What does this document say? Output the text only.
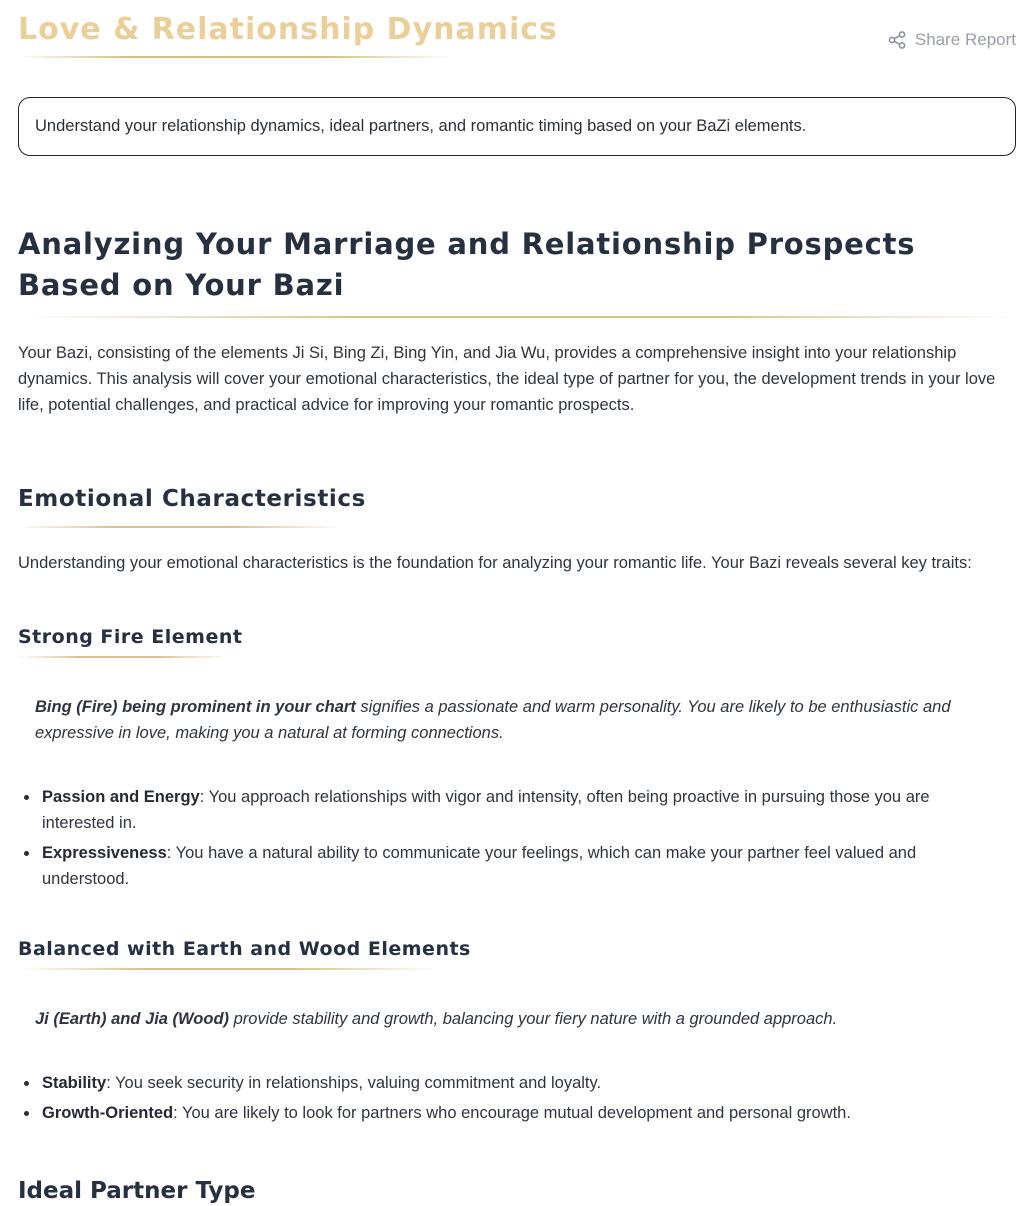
Love & Relationship Dynamics	Share Report
Understand your relationship dynamics, ideal partners, and romantic timing based on your BaZi elements.
Analyzing Your Marriage and Relationship Prospects Based on Your Bazi

Your Bazi, consisting of the elements Ji Si, Bing Zi, Bing Yin, and Jia Wu, provides a comprehensive insight into your relationship dynamics. This analysis will cover your emotional characteristics, the ideal type of partner for you, the development trends in your love life, potential challenges, and practical advice for improving your romantic prospects.

Emotional Characteristics

Understanding your emotional characteristics is the foundation for analyzing your romantic life. Your Bazi reveals several key traits:

Strong Fire Element

Bing (Fire) being prominent in your chart signifies a passionate and warm personality. You are likely to be enthusiastic and expressive in love, making you a natural at forming connections.

Passion and Energy: You approach relationships with vigor and intensity, often being proactive in pursuing those you are interested in.
Expressiveness: You have a natural ability to communicate your feelings, which can make your partner feel valued and understood.
Balanced with Earth and Wood Elements

Ji (Earth) and Jia (Wood) provide stability and growth, balancing your fiery nature with a grounded approach.

Stability: You seek security in relationships, valuing commitment and loyalty.
Growth-Oriented: You are likely to look for partners who encourage mutual development and personal growth.
Ideal Partner Type
